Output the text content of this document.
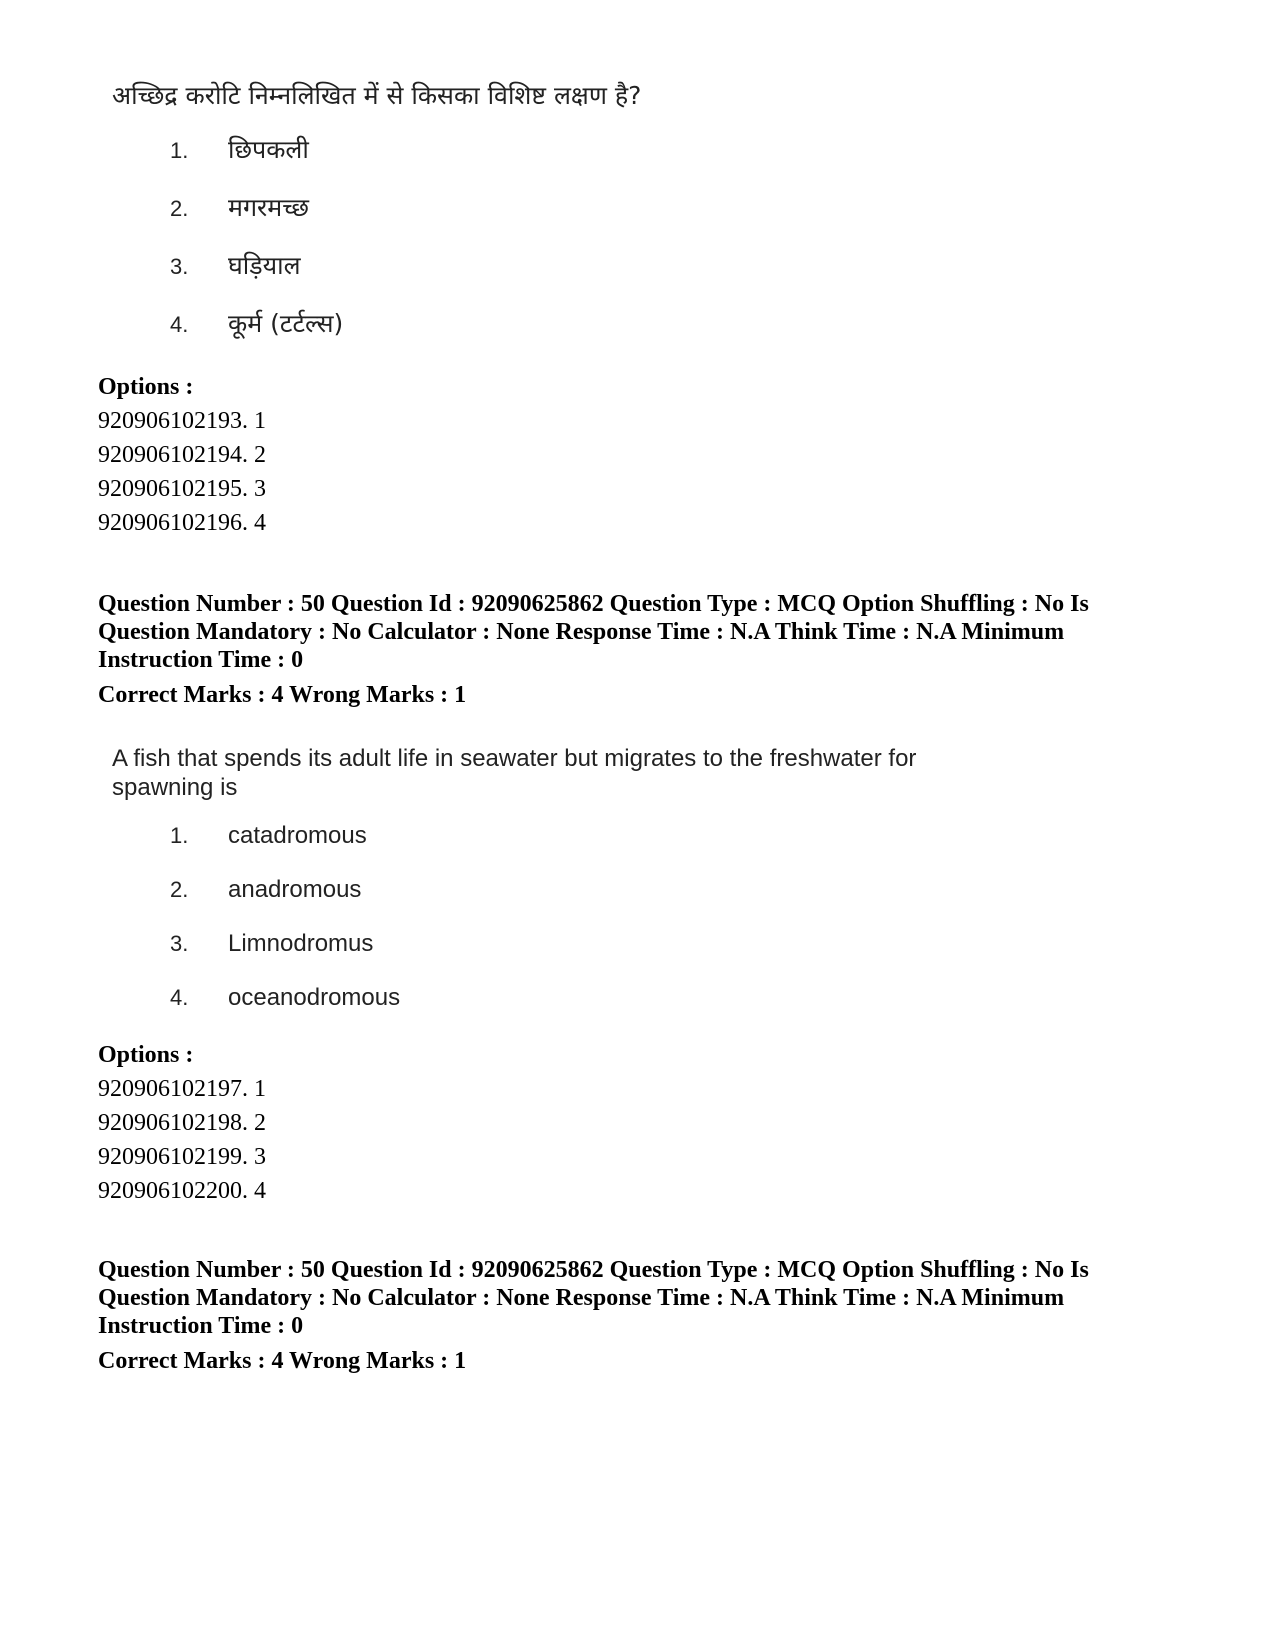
अच्छिद्र करोटि निम्नलिखित में से किसका विशिष्ट लक्षण है?
1.	छिपकली
2.	मगरमच्छ
3.	घड़ियाल
4.	कूर्म (टर्टल्स)
Options :
920906102193. 1
920906102194. 2
920906102195. 3
920906102196. 4
Question Number : 50 Question Id : 92090625862 Question Type : MCQ Option Shuffling : No Is Question Mandatory : No Calculator : None Response Time : N.A Think Time : N.A Minimum Instruction Time : 0
Correct Marks : 4 Wrong Marks : 1
A fish that spends its adult life in seawater but migrates to the freshwater for spawning is
1.	catadromous
2.	anadromous
3.	Limnodromus
4.	oceanodromous
Options :
920906102197. 1
920906102198. 2
920906102199. 3
920906102200. 4
Question Number : 50 Question Id : 92090625862 Question Type : MCQ Option Shuffling : No Is Question Mandatory : No Calculator : None Response Time : N.A Think Time : N.A Minimum Instruction Time : 0
Correct Marks : 4 Wrong Marks : 1
